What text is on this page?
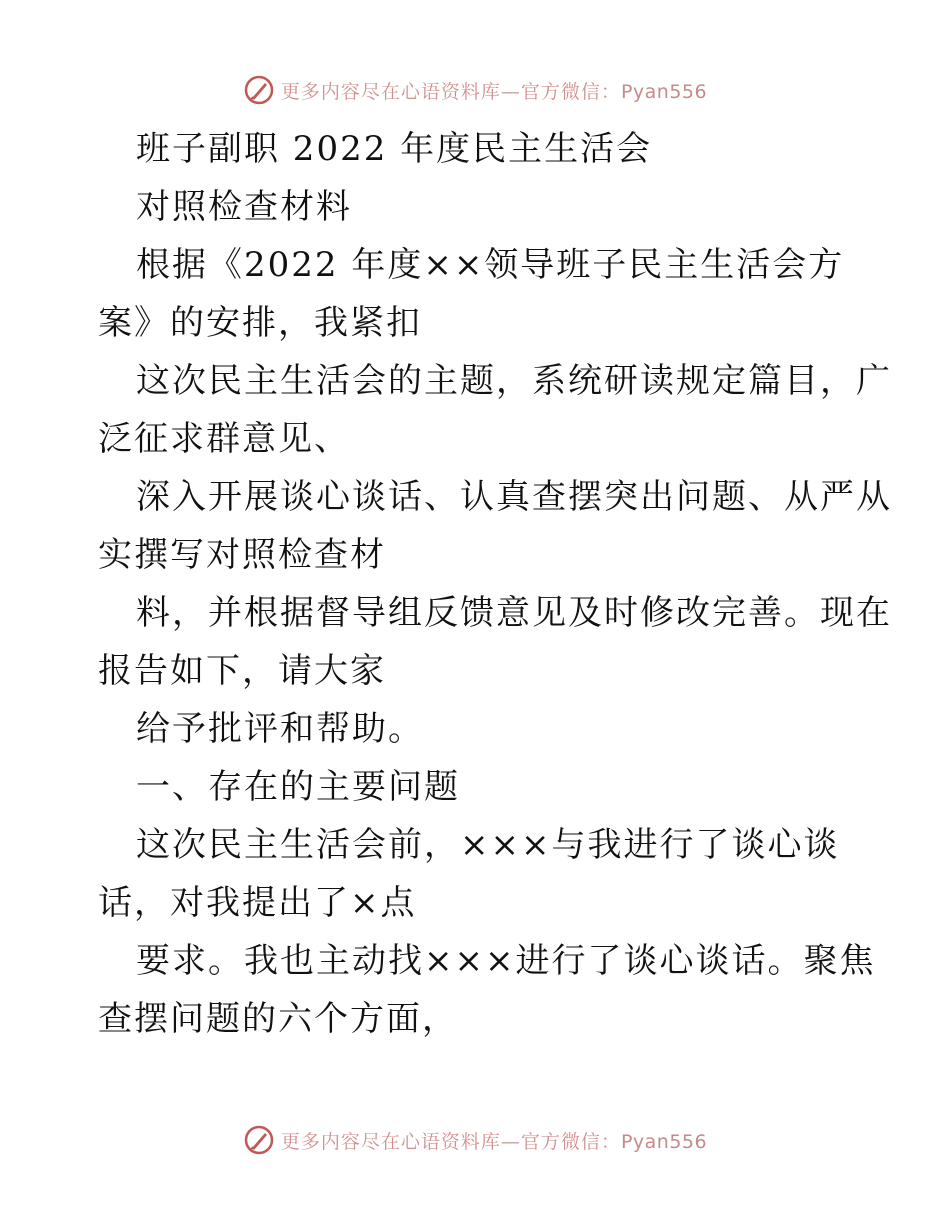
更多内容尽在心语资料库—官方微信：Pyan556
班子副职 2022 年度民主生活会
对照检查材料
根据《2022 年度××领导班子民主生活会方
案》的安排，我紧扣
这次民主生活会的主题，系统研读规定篇目，广
泛征求群意见、
深入开展谈心谈话、认真查摆突出问题、从严从
实撰写对照检查材
料，并根据督导组反馈意见及时修改完善。现在
报告如下，请大家
给予批评和帮助。
一、存在的主要问题
这次民主生活会前，×××与我进行了谈心谈
话，对我提出了×点
要求。我也主动找×××进行了谈心谈话。聚焦
查摆问题的六个方面，
更多内容尽在心语资料库—官方微信：Pyan556
